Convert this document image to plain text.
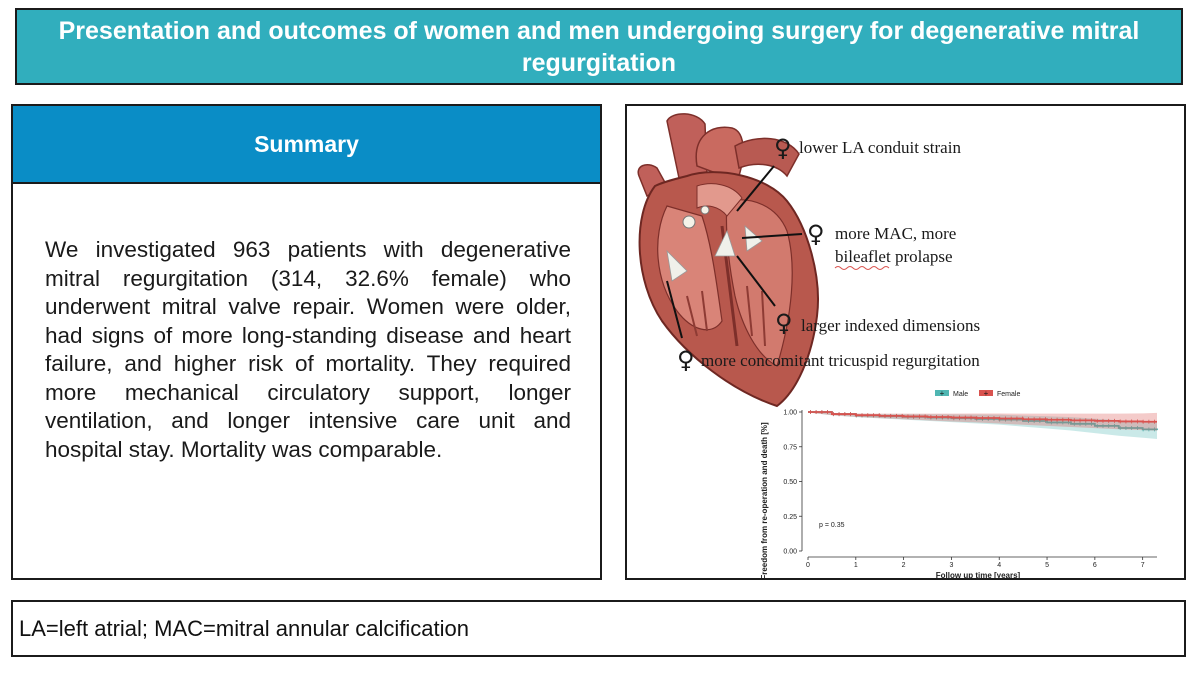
Presentation and outcomes of women and men undergoing surgery for degenerative mitral regurgitation
Summary

We investigated 963 patients with degenerative mitral regurgitation (314, 32.6% female) who underwent mitral valve repair. Women were older, had signs of more long-standing disease and heart failure, and higher risk of mortality. They required more mechanical circulatory support, longer ventilation, and longer intensive care unit and hospital stay. Mortality was comparable.

♀ lower LA conduit strain
♀ more MAC, more
bileaflet prolapse
♀ larger indexed dimensions
♀ more concomitant tricuspid regurgitation
+ Male + Female
Freedom from re-operation and death [%]	Follow up time [years]
p = 0.35
0.00
0.25
0.50
0.75
1.00
0	1	2	3	4	5	6	7
LA=left atrial; MAC=mitral annular calcification
